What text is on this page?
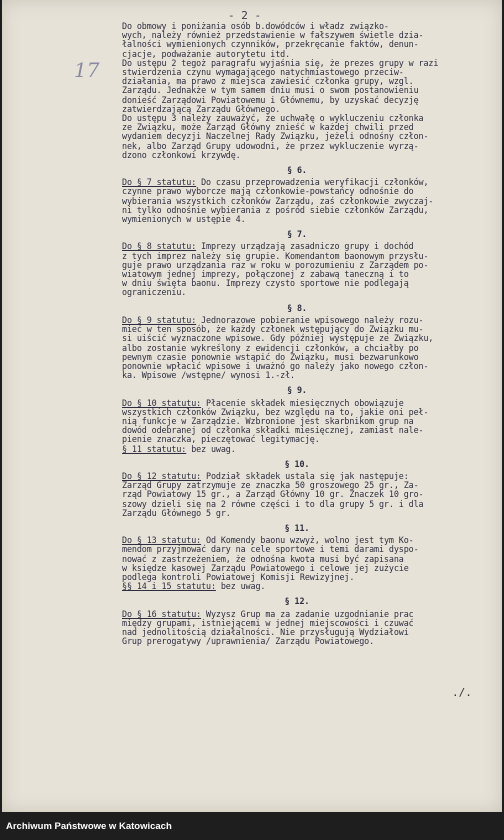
- 2 -
17

Do obmowy i poniżania osób b.dowódców i władz związko-

wych, należy również przedstawienie w fałszywem świetle dzia-

łalności wymienionych czynników, przekręcanie faktów, denun-

cjacje, podważanie autorytetu itd.

Do ustępu 2 tegoż paragrafu wyjaśnia się, że prezes grupy w razi

stwierdzenia czynu wymagającego natychmiastowego przeciw-

działania, ma prawo z miejsca zawiesić członka grupy, wzgl.

Zarządu. Jednakże w tym samem dniu musi o swom postanowieniu

donieść Zarządowi Powiatowemu i Głównemu, by uzyskać decyzję

zatwierdzającą Zarządu Głównego.

Do ustępu 3 należy zauważyć, że uchwałę o wykluczeniu członka

ze Związku, może Zarząd Główny znieść w każdej chwili przed

wydaniem decyzji Naczelnej Rady Związku, jeżeli odnośny człon-

nek, albo Zarząd Grupy udowodni, że przez wykluczenie wyrzą-

dzono członkowi krzywdę.

§ 6.

Do § 7 statutu: Do czasu przeprowadzenia weryfikacji członków,

czynne prawo wyborcze mają członkowie-powstańcy odnośnie do

wybierania wszystkich członków Zarządu, zaś członkowie zwyczaj-

ni tylko odnośnie wybierania z pośród siebie członków Zarządu,

wymienionych w ustępie 4.

§ 7.

Do § 8 statutu: Imprezy urządzają zasadniczo grupy i dochód

z tych imprez należy się grupie. Komendantom baonowym przysłu-

guje prawo urządzania raz w roku w porozumieniu z Zarządem po-

wiatowym jednej imprezy, połączonej z zabawą taneczną i to

w dniu święta baonu. Imprezy czysto sportowe nie podlegają

ograniczeniu.

§ 8.

Do § 9 statutu: Jednorazowe pobieranie wpisowego należy rozu-

mieć w ten sposób, że każdy członek wstępujący do Związku mu-

si uiścić wyznaczone wpisowe. Gdy później występuje ze Związku,

albo zostanie wykreślony z ewidencji członków, a chciałby po

pewnym czasie ponownie wstąpić do Związku, musi bezwarunkowo

ponownie wpłacić wpisowe i uważnó go należy jako nowego człon-

ka. Wpisowe /wstępne/ wynosi 1.-zł.

§ 9.

Do § 10 statutu: Płacenie składek miesięcznych obowiązuje

wszystkich członków Związku, bez względu na to, jakie oni peł-

nią funkcje w Zarządzie. Wzbronione jest skarbnikom grup na

dowód odebranej od członka składki miesięcznej, zamiast nale-

pienie znaczka, pieczętować legitymację.

§ 11 statutu: bez uwag.

§ 10.

Do § 12 statutu: Podział składek ustala się jak następuje:

Zarząd Grupy zatrzymuje ze znaczka 50 groszowego 25 gr., Za-

rząd Powiatowy 15 gr., a Zarząd Główny 10 gr. Znaczek 10 gro-

szowy dzieli się na 2 równe części i to dla grupy 5 gr. i dla

Zarządu Głównego 5 gr.

§ 11.

Do § 13 statutu: Od Komendy baonu wzwyż, wolno jest tym Ko-

mendom przyjmować dary na cele sportowe i temi darami dyspo-

nować z zastrzeżeniem, że odnośna kwota musi być zapisana

w księdze kasowej Zarządu Powiatowego i celowe jej zużycie

podlega kontroli Powiatowej Komisji Rewizyjnej.

§§ 14 i 15 statutu: bez uwag.

§ 12.

Do § 16 statutu: Wyzysz Grup ma za zadanie uzgodnianie prac

między grupami, istniejącemi w jednej miejscowości i czuwać

nad jednolitością działalności. Nie przysługują Wydziałowi

Grup prerogatywy /uprawnienia/ Zarządu Powiatowego.

./.
Archiwum Państwowe w Katowicach
